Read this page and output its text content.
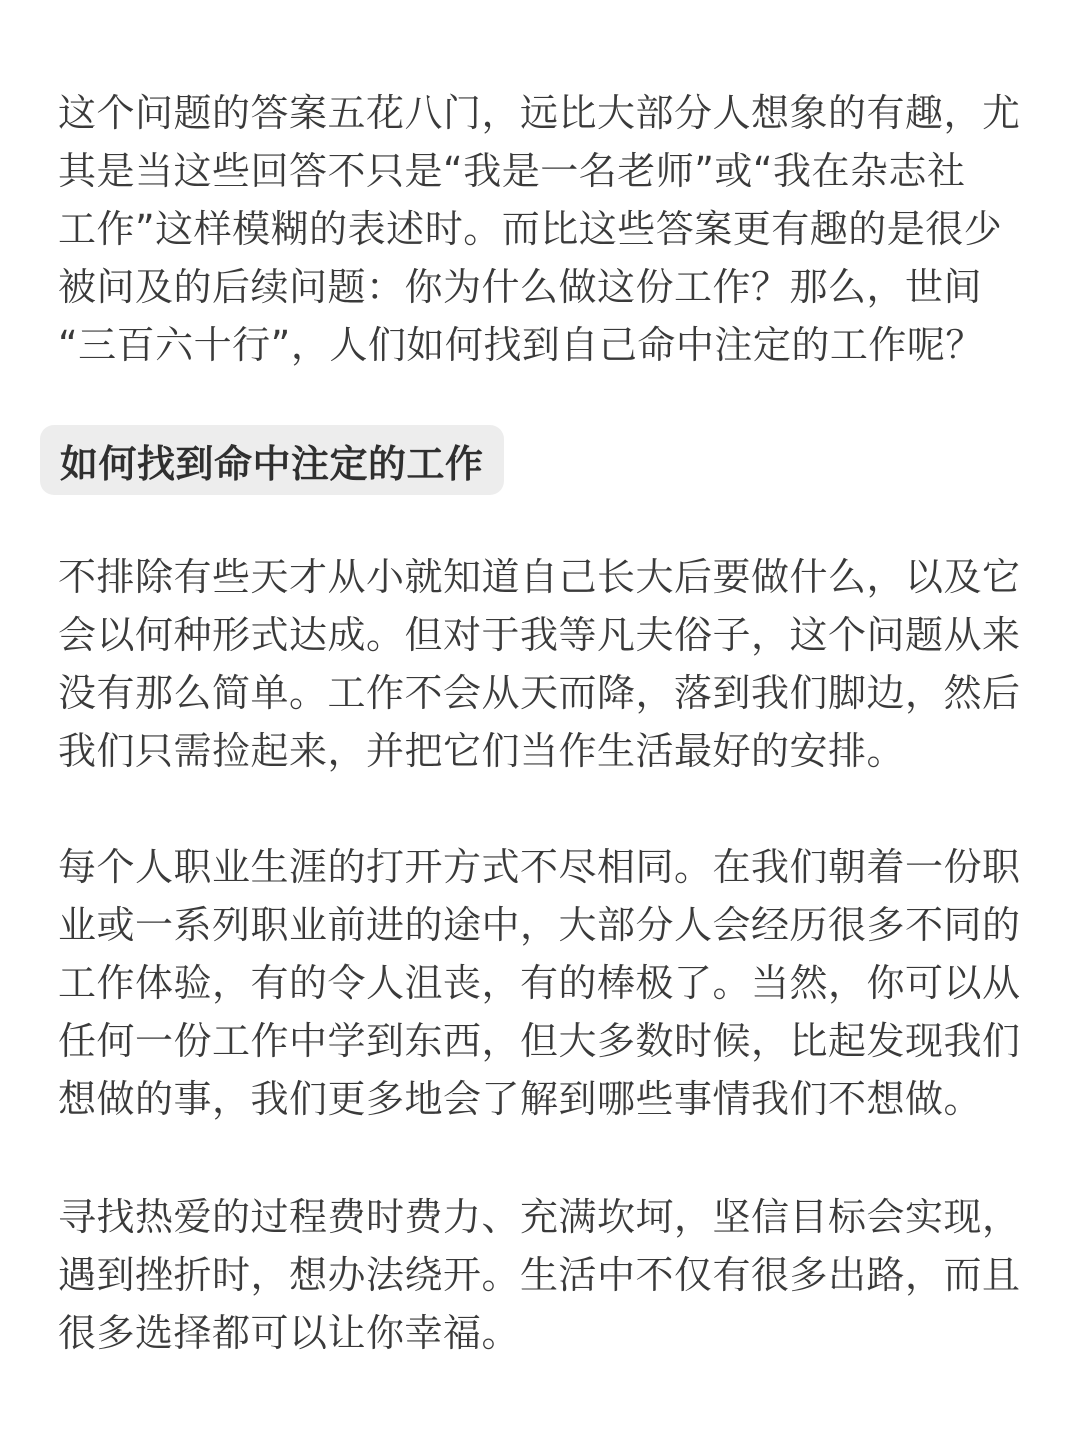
这个问题的答案五花八门，远比大部分人想象的有趣，尤
其是当这些回答不只是“我是一名老师”或“我在杂志社
工作”这样模糊的表述时。而比这些答案更有趣的是很少
被问及的后续问题：你为什么做这份工作？那么，世间
“三百六十行”，人们如何找到自己命中注定的工作呢？
如何找到命中注定的工作
不排除有些天才从小就知道自己长大后要做什么，以及它
会以何种形式达成。但对于我等凡夫俗子，这个问题从来
没有那么简单。工作不会从天而降，落到我们脚边，然后
我们只需捡起来，并把它们当作生活最好的安排。
每个人职业生涯的打开方式不尽相同。在我们朝着一份职
业或一系列职业前进的途中，大部分人会经历很多不同的
工作体验，有的令人沮丧，有的棒极了。当然，你可以从
任何一份工作中学到东西，但大多数时候，比起发现我们
想做的事，我们更多地会了解到哪些事情我们不想做。
寻找热爱的过程费时费力、充满坎坷，坚信目标会实现，
遇到挫折时，想办法绕开。生活中不仅有很多出路，而且
很多选择都可以让你幸福。
